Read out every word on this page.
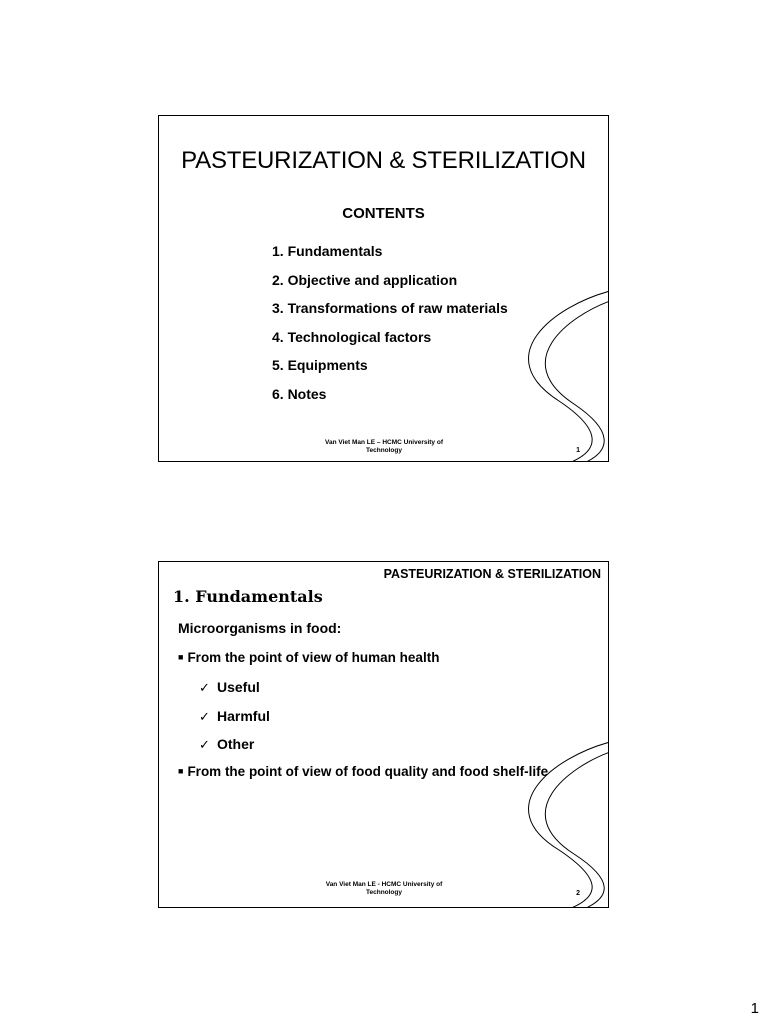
PASTEURIZATION & STERILIZATION
CONTENTS
1. Fundamentals
2. Objective and application
3. Transformations of raw materials
4. Technological factors
5. Equipments
6. Notes
Van Viet Man LE – HCMC University of
Technology	1
PASTEURIZATION & STERILIZATION
1. Fundamentals
Microorganisms in food:
■ From the point of view of human health
✓ Useful
✓ Harmful
✓ Other
■ From the point of view of food quality and food shelf-life
Van Viet Man LE - HCMC University of
Technology	2
1
